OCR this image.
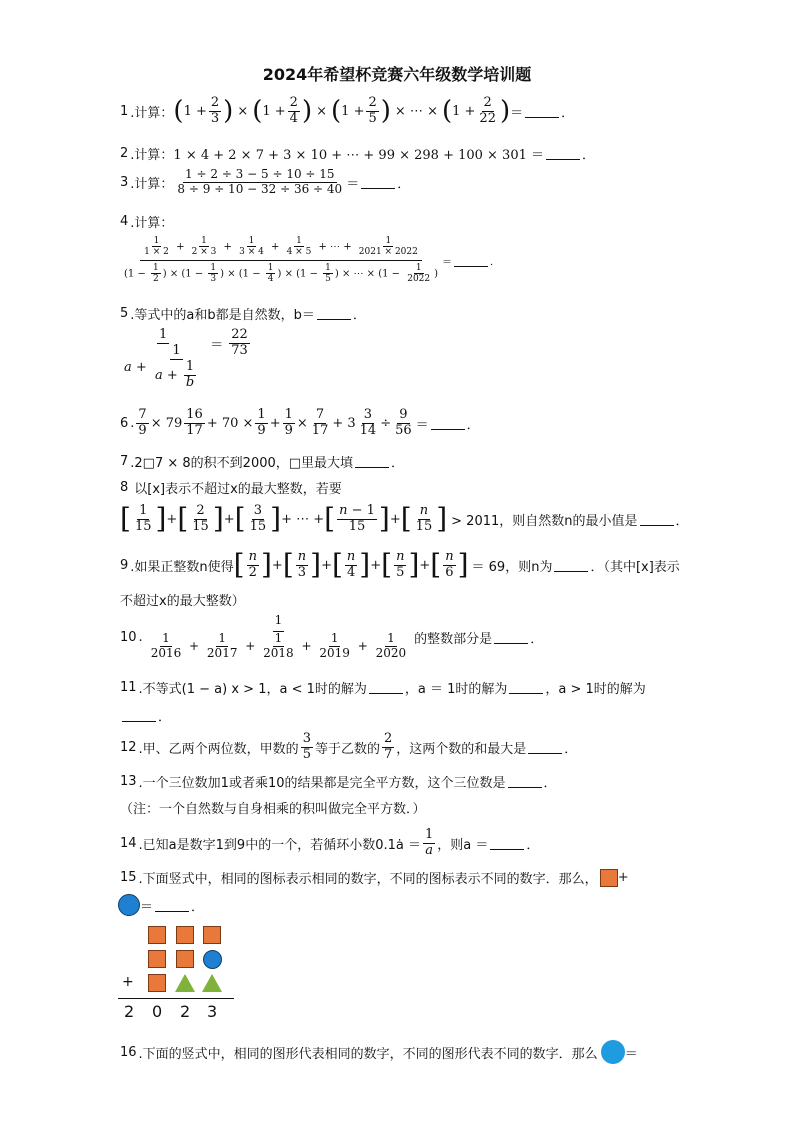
2024年希望杯竞赛六年级数学培训题
1 .计算： ( $1 + \frac{2}{3}$ ) × ( $1 + \frac{2}{4}$ ) × ( $1 + \frac{2}{5}$ ) × ⋯ × ( $1 + \frac{2}{22}$ ) ＝	．
2 .计算： 1 × 4 + 2 × 7 + 3 × 10 + ⋯ + 99 × 298 + 100 × 301 ＝	．
3 .计算： $\frac{1 \div 2 \div 3 - 5 \div 10 \div 15}{8 \div 9 \div 10 - 32 \div 36 \div 40}$ ＝	．
4 .计算：
$\frac{1}{1 \times 2} + \frac{1}{2 \times 3} + \frac{1}{3 \times 4} + \frac{1}{4 \times 5}$ + ⋯ + $\frac{1}{2021 \times 2022}$
($1 - \frac{1}{2}$ ) × ($1 - \frac{1}{3}$ ) × ($1 - \frac{1}{4}$ ) × ($1 - \frac{1}{5}$ ) × ⋯ × ($1 - \frac{1}{2022}$ )
＝	．
5 .等式中的a和b都是自然数，b＝	．
$\frac{1}{a + \frac{1}{a + \frac{1}{b}}} = \frac{22}{73}$
6 . $\frac{7}{9} \times 79 \frac{16}{17} + 70 \times \frac{1}{9} + \frac{1}{9} \times \frac{7}{17} + 3 \frac{3}{14} \div \frac{9}{56}$ ＝	．
7 .2□7 × 8的积不到2000，□里最大填	．
8 以[x]表示不超过x的最大整数，若要
[ $\frac{1}{15}$ ] + [ $\frac{2}{15}$ ] + [ $\frac{3}{15}$ ] + ⋯ + [ $\frac{n - 1}{15}$ ] + [ $\frac{n}{15}$ ] > 2011，则自然数n的最小值是	．
9 .如果正整数n使得 [ $\frac{n}{2}$ ] + [ $\frac{n}{3}$ ] + [ $\frac{n}{4}$ ] + [ $\frac{n}{5}$ ] + [ $\frac{n}{6}$ ] ＝ 69，则n为	．（其中[x]表示
不超过x的最大整数）
10 . $\frac{1}{\frac{1}{2016} + \frac{1}{2017} + \frac{1}{2018} + \frac{1}{2019} + \frac{1}{2020}}$ 的整数部分是	．
11 .不等式(1 − a) x > 1，a < 1时的解为	，a ＝ 1时的解为	，a > 1时的解为
．
12 .甲、乙两个两位数，甲数的 $\frac{3}{5}$ 等于乙数的 $\frac{2}{7}$ ，这两个数的和最大是	．
13 .一个三位数加1或者乘10的结果都是完全平方数，这个三位数是	．
（注：一个自然数与自身相乘的积叫做完全平方数．）
14 .已知a是数字1到9中的一个，若循环小数0.1ȧ ＝ $\frac{1}{a}$ ，则a ＝	．
15 .下面竖式中，相同的图标表示相同的数字，不同的图标表示不同的数字．那么， +
＝	．
+
2 0 2 3
16 .下面的竖式中，相同的图形代表相同的数字，不同的图形代表不同的数字．那么 ＝
